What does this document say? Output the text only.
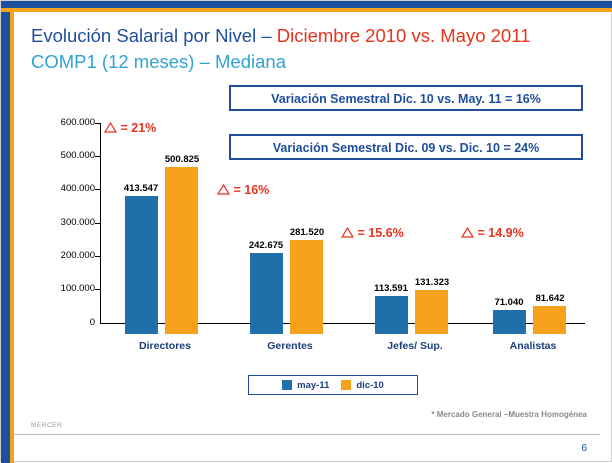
Evolución Salarial por Nivel – Diciembre 2010 vs. Mayo 2011
COMP1 (12 meses) – Mediana
Variación Semestral Dic. 10 vs. May. 11 = 16%
Variación Semestral Dic. 09 vs. Dic. 10 = 24%
600.000
500.000
400.000
300.000
200.000
100.000
0
413.547
500.825
Directores
242.675
281.520
Gerentes
113.591
131.323
Jefes/ Sup.
71.040	81.642
Analistas
= 21%
= 16%
= 15.6%	= 14.9%
may-11	dic-10
* Mercado General –Muestra Homogénea
MERCER
6
